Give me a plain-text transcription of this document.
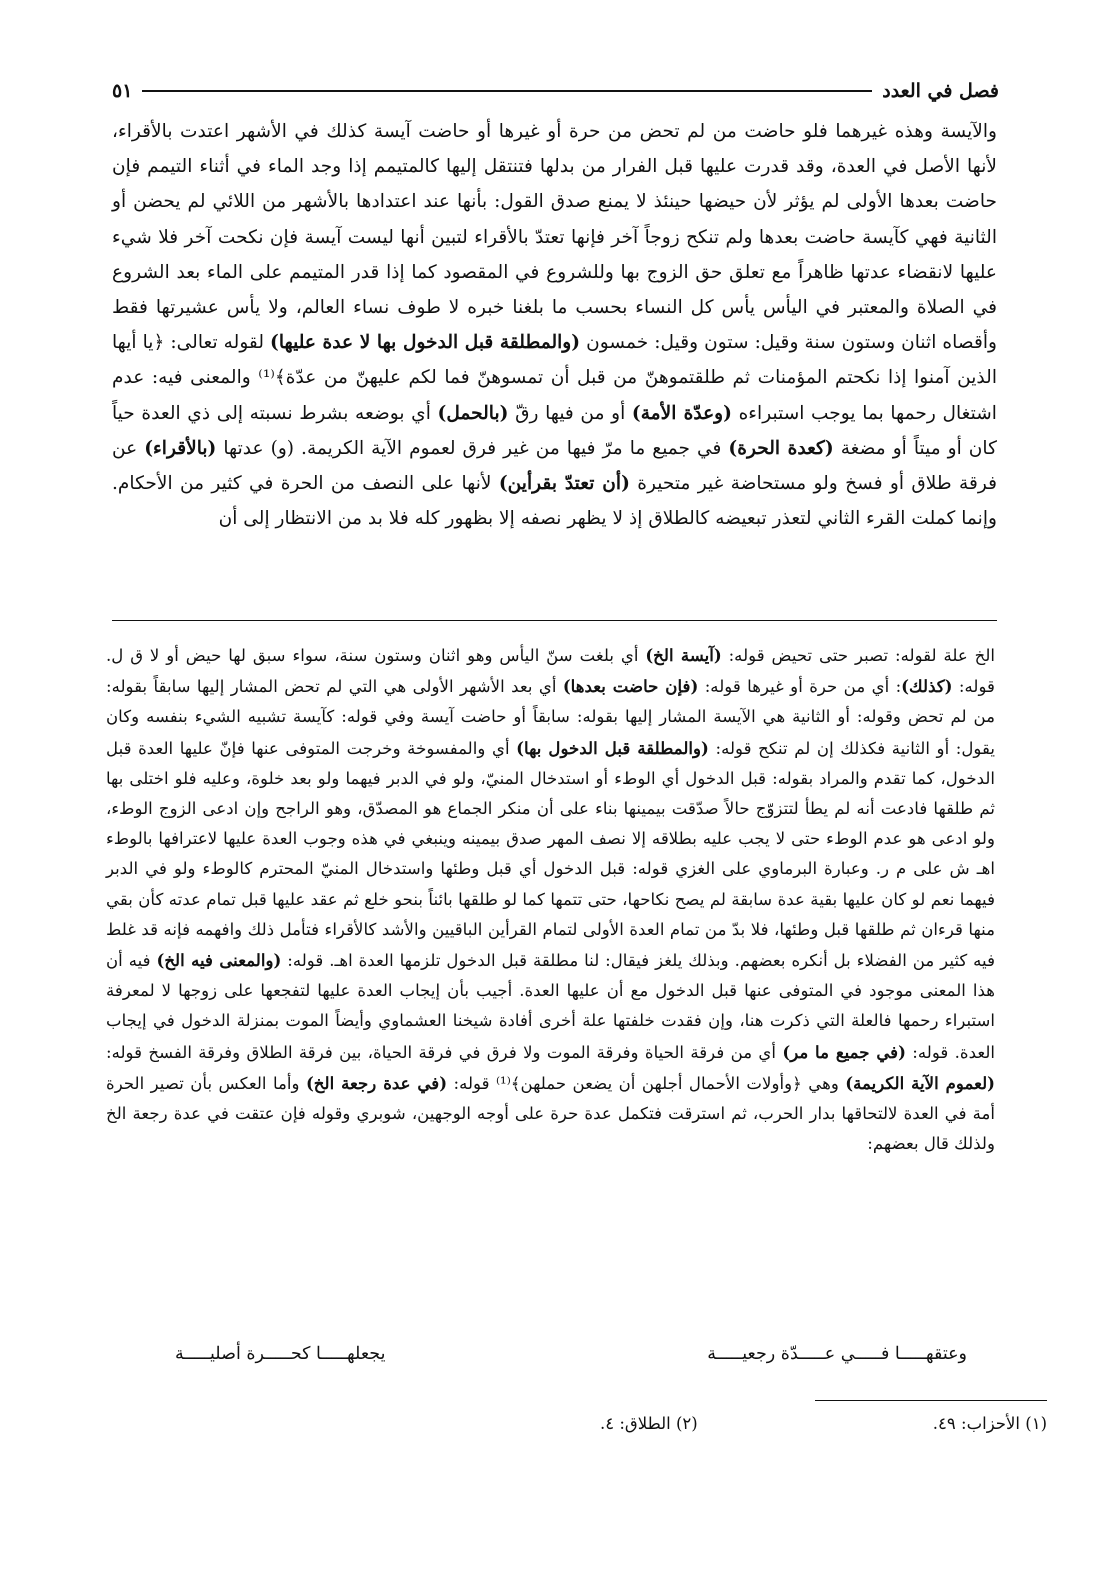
فصل في العدد
٥١

والآيسة وهذه غيرهما فلو حاضت من لم تحض من حرة أو غيرها أو حاضت آيسة كذلك في الأشهر اعتدت بالأقراء، لأنها الأصل في العدة، وقد قدرت عليها قبل الفرار من بدلها فتنتقل إليها كالمتيمم إذا وجد الماء في أثناء التيمم فإن حاضت بعدها الأولى لم يؤثر لأن حيضها حينئذ لا يمنع صدق القول: بأنها عند اعتدادها بالأشهر من اللائي لم يحضن أو الثانية فهي كآيسة حاضت بعدها ولم تنكح زوجاً آخر فإنها تعتدّ بالأقراء لتبين أنها ليست آيسة فإن نكحت آخر فلا شيء عليها لانقضاء عدتها ظاهراً مع تعلق حق الزوج بها وللشروع في المقصود كما إذا قدر المتيمم على الماء بعد الشروع في الصلاة والمعتبر في اليأس يأس كل النساء بحسب ما بلغنا خبره لا طوف نساء العالم، ولا يأس عشيرتها فقط وأقصاه اثنان وستون سنة وقيل: ستون وقيل: خمسون (والمطلقة قبل الدخول بها لا عدة عليها) لقوله تعالى: ﴿يا أيها الذين آمنوا إذا نكحتم المؤمنات ثم طلقتموهنّ من قبل أن تمسوهنّ فما لكم عليهنّ من عدّة﴾⁽¹⁾ والمعنى فيه: عدم اشتغال رحمها بما يوجب استبراءه (وعدّة الأمة) أو من فيها رقّ (بالحمل) أي بوضعه بشرط نسبته إلى ذي العدة حياً كان أو ميتاً أو مضغة (كعدة الحرة) في جميع ما مرّ فيها من غير فرق لعموم الآية الكريمة. (و) عدتها (بالأقراء) عن فرقة طلاق أو فسخ ولو مستحاضة غير متحيرة (أن تعتدّ بقرأين) لأنها على النصف من الحرة في كثير من الأحكام. وإنما كملت القرء الثاني لتعذر تبعيضه كالطلاق إذ لا يظهر نصفه إلا بظهور كله فلا بد من الانتظار إلى أن

الخ علة لقوله: تصبر حتى تحيض قوله: (آيسة الخ) أي بلغت سنّ اليأس وهو اثنان وستون سنة، سواء سبق لها حيض أو لا ق ل. قوله: (كذلك): أي من حرة أو غيرها قوله: (فإن حاضت بعدها) أي بعد الأشهر الأولى هي التي لم تحض المشار إليها سابقاً بقوله: من لم تحض وقوله: أو الثانية هي الآيسة المشار إليها بقوله: سابقاً أو حاضت آيسة وفي قوله: كآيسة تشبيه الشيء بنفسه وكان يقول: أو الثانية فكذلك إن لم تنكح قوله: (والمطلقة قبل الدخول بها) أي والمفسوخة وخرجت المتوفى عنها فإنّ عليها العدة قبل الدخول، كما تقدم والمراد بقوله: قبل الدخول أي الوطء أو استدخال المنيّ، ولو في الدبر فيهما ولو بعد خلوة، وعليه فلو اختلى بها ثم طلقها فادعت أنه لم يطأ لتتزوّج حالاً صدّقت بيمينها بناء على أن منكر الجماع هو المصدّق، وهو الراجح وإن ادعى الزوج الوطء، ولو ادعى هو عدم الوطء حتى لا يجب عليه بطلاقه إلا نصف المهر صدق بيمينه وينبغي في هذه وجوب العدة عليها لاعترافها بالوطء اهـ ش على م ر. وعبارة البرماوي على الغزي قوله: قبل الدخول أي قبل وطئها واستدخال المنيّ المحترم كالوطء ولو في الدبر فيهما نعم لو كان عليها بقية عدة سابقة لم يصح نكاحها، حتى تتمها كما لو طلقها بائناً بنحو خلع ثم عقد عليها قبل تمام عدته كأن بقي منها قرءان ثم طلقها قبل وطئها، فلا بدّ من تمام العدة الأولى لتمام القرأين الباقيين والأشد كالأقراء فتأمل ذلك وافهمه فإنه قد غلط فيه كثير من الفضلاء بل أنكره بعضهم. وبذلك يلغز فيقال: لنا مطلقة قبل الدخول تلزمها العدة اهـ. قوله: (والمعنى فيه الخ) فيه أن هذا المعنى موجود في المتوفى عنها قبل الدخول مع أن عليها العدة. أجيب بأن إيجاب العدة عليها لتفجعها على زوجها لا لمعرفة استبراء رحمها فالعلة التي ذكرت هنا، وإن فقدت خلفتها علة أخرى أفادة شيخنا العشماوي وأيضاً الموت بمنزلة الدخول في إيجاب العدة. قوله: (في جميع ما مر) أي من فرقة الحياة وفرقة الموت ولا فرق في فرقة الحياة، بين فرقة الطلاق وفرقة الفسخ قوله: (لعموم الآية الكريمة) وهي ﴿وأولات الأحمال أجلهن أن يضعن حملهن﴾⁽¹⁾ قوله: (في عدة رجعة الخ) وأما العكس بأن تصير الحرة أمة في العدة لالتحاقها بدار الحرب، ثم استرقت فتكمل عدة حرة على أوجه الوجهين، شوبري وقوله فإن عتقت في عدة رجعة الخ ولذلك قال بعضهم:

وعتقهـــــا فـــــي عـــــدّة رجعيـــــة
يجعلهـــــا كحـــــرة أصليـــــة
(١) الأحزاب: ٤٩.
(٢) الطلاق: ٤.
